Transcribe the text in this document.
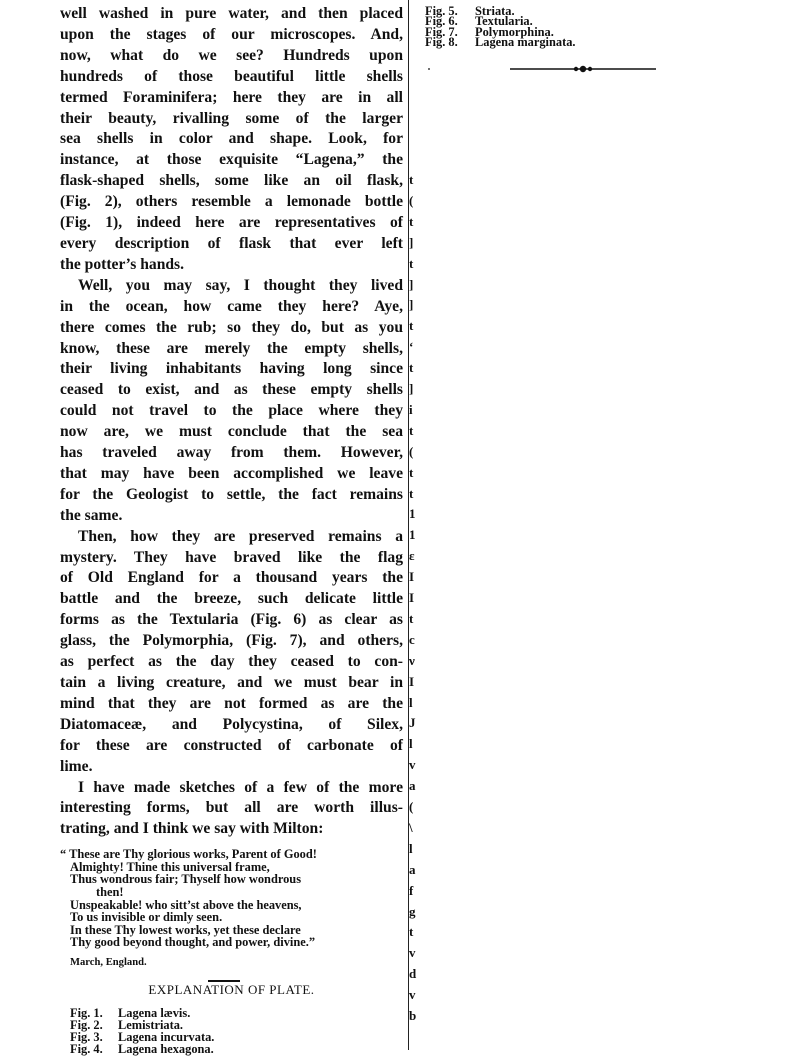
well washed in pure water, and then placed
upon the stages of our microscopes. And,
now, what do we see? Hundreds upon
hundreds of those beautiful little shells
termed Foraminifera; here they are in all
their beauty, rivalling some of the larger
sea shells in color and shape. Look, for
instance, at those exquisite “Lagena,” the
flask-shaped shells, some like an oil flask,
(Fig. 2), others resemble a lemonade bottle
(Fig. 1), indeed here are representatives of
every description of flask that ever left
the potter’s hands.
Well, you may say, I thought they lived
in the ocean, how came they here? Aye,
there comes the rub; so they do, but as you
know, these are merely the empty shells,
their living inhabitants having long since
ceased to exist, and as these empty shells
could not travel to the place where they
now are, we must conclude that the sea
has traveled away from them. However,
that may have been accomplished we leave
for the Geologist to settle, the fact remains
the same.
Then, how they are preserved remains a
mystery. They have braved like the flag
of Old England for a thousand years the
battle and the breeze, such delicate little
forms as the Textularia (Fig. 6) as clear as
glass, the Polymorphia, (Fig. 7), and others,
as perfect as the day they ceased to con-
tain a living creature, and we must bear in
mind that they are not formed as are the
Diatomaceæ, and Polycystina, of Silex,
for these are constructed of carbonate of
lime.
I have made sketches of a few of the more
interesting forms, but all are worth illus-
trating, and I think we say with Milton:
“ These are Thy glorious works, Parent of Good!
Almighty! Thine this universal frame,
Thus wondrous fair; Thyself how wondrous
then!
Unspeakable! who sitt’st above the heavens,
To us invisible or dimly seen.
In these Thy lowest works, yet these declare
Thy good beyond thought, and power, divine.”
March, England.
EXPLANATION OF PLATE.
Fig. 1. Lagena lævis.
Fig. 2. Lemistriata.
Fig. 3. Lagena incurvata.
Fig. 4. Lagena hexagona.
t
(
t
]
t
]
]
t
‘
t
]
i
t
(
t
t
1
1
ε
I
I
t
c
ν
I
l
J
l
v
a
(
\
l
a
f
g
t
v
d
v
b
Fig. 5. Striata.
Fig. 6. Textularia.
Fig. 7. Polymorphina.
Fig. 8. Lagena marginata.
